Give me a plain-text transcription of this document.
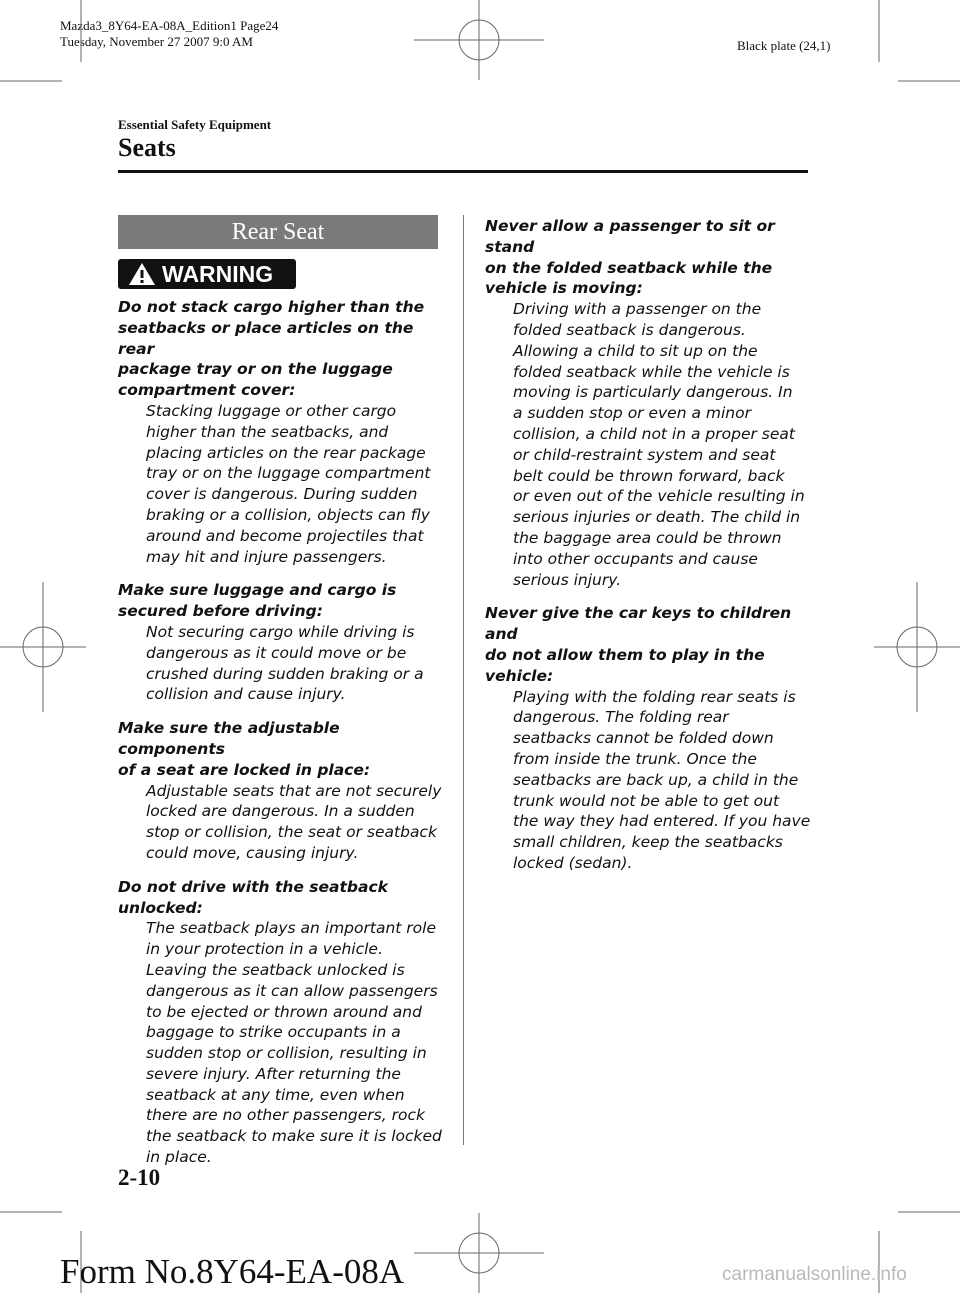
Mazda3_8Y64-EA-08A_Edition1 Page24
Tuesday, November 27 2007 9:0 AM	Black plate (24,1)
Essential Safety Equipment
Seats
Rear Seat
WARNING
Do not stack cargo higher than the
seatbacks or place articles on the rear
package tray or on the luggage
compartment cover:
Stacking luggage or other cargo
higher than the seatbacks, and
placing articles on the rear package
tray or on the luggage compartment
cover is dangerous. During sudden
braking or a collision, objects can fly
around and become projectiles that
may hit and injure passengers.
Make sure luggage and cargo is
secured before driving:
Not securing cargo while driving is
dangerous as it could move or be
crushed during sudden braking or a
collision and cause injury.
Make sure the adjustable components
of a seat are locked in place:
Adjustable seats that are not securely
locked are dangerous. In a sudden
stop or collision, the seat or seatback
could move, causing injury.
Do not drive with the seatback
unlocked:
The seatback plays an important role
in your protection in a vehicle.
Leaving the seatback unlocked is
dangerous as it can allow passengers
to be ejected or thrown around and
baggage to strike occupants in a
sudden stop or collision, resulting in
severe injury. After returning the
seatback at any time, even when
there are no other passengers, rock
the seatback to make sure it is locked
in place.
Never allow a passenger to sit or stand
on the folded seatback while the
vehicle is moving:
Driving with a passenger on the
folded seatback is dangerous.
Allowing a child to sit up on the
folded seatback while the vehicle is
moving is particularly dangerous. In
a sudden stop or even a minor
collision, a child not in a proper seat
or child-restraint system and seat
belt could be thrown forward, back
or even out of the vehicle resulting in
serious injuries or death. The child in
the baggage area could be thrown
into other occupants and cause
serious injury.
Never give the car keys to children and
do not allow them to play in the
vehicle:
Playing with the folding rear seats is
dangerous. The folding rear
seatbacks cannot be folded down
from inside the trunk. Once the
seatbacks are back up, a child in the
trunk would not be able to get out
the way they had entered. If you have
small children, keep the seatbacks
locked (sedan).
2-10
Form No.8Y64-EA-08A	carmanualsonline.info
